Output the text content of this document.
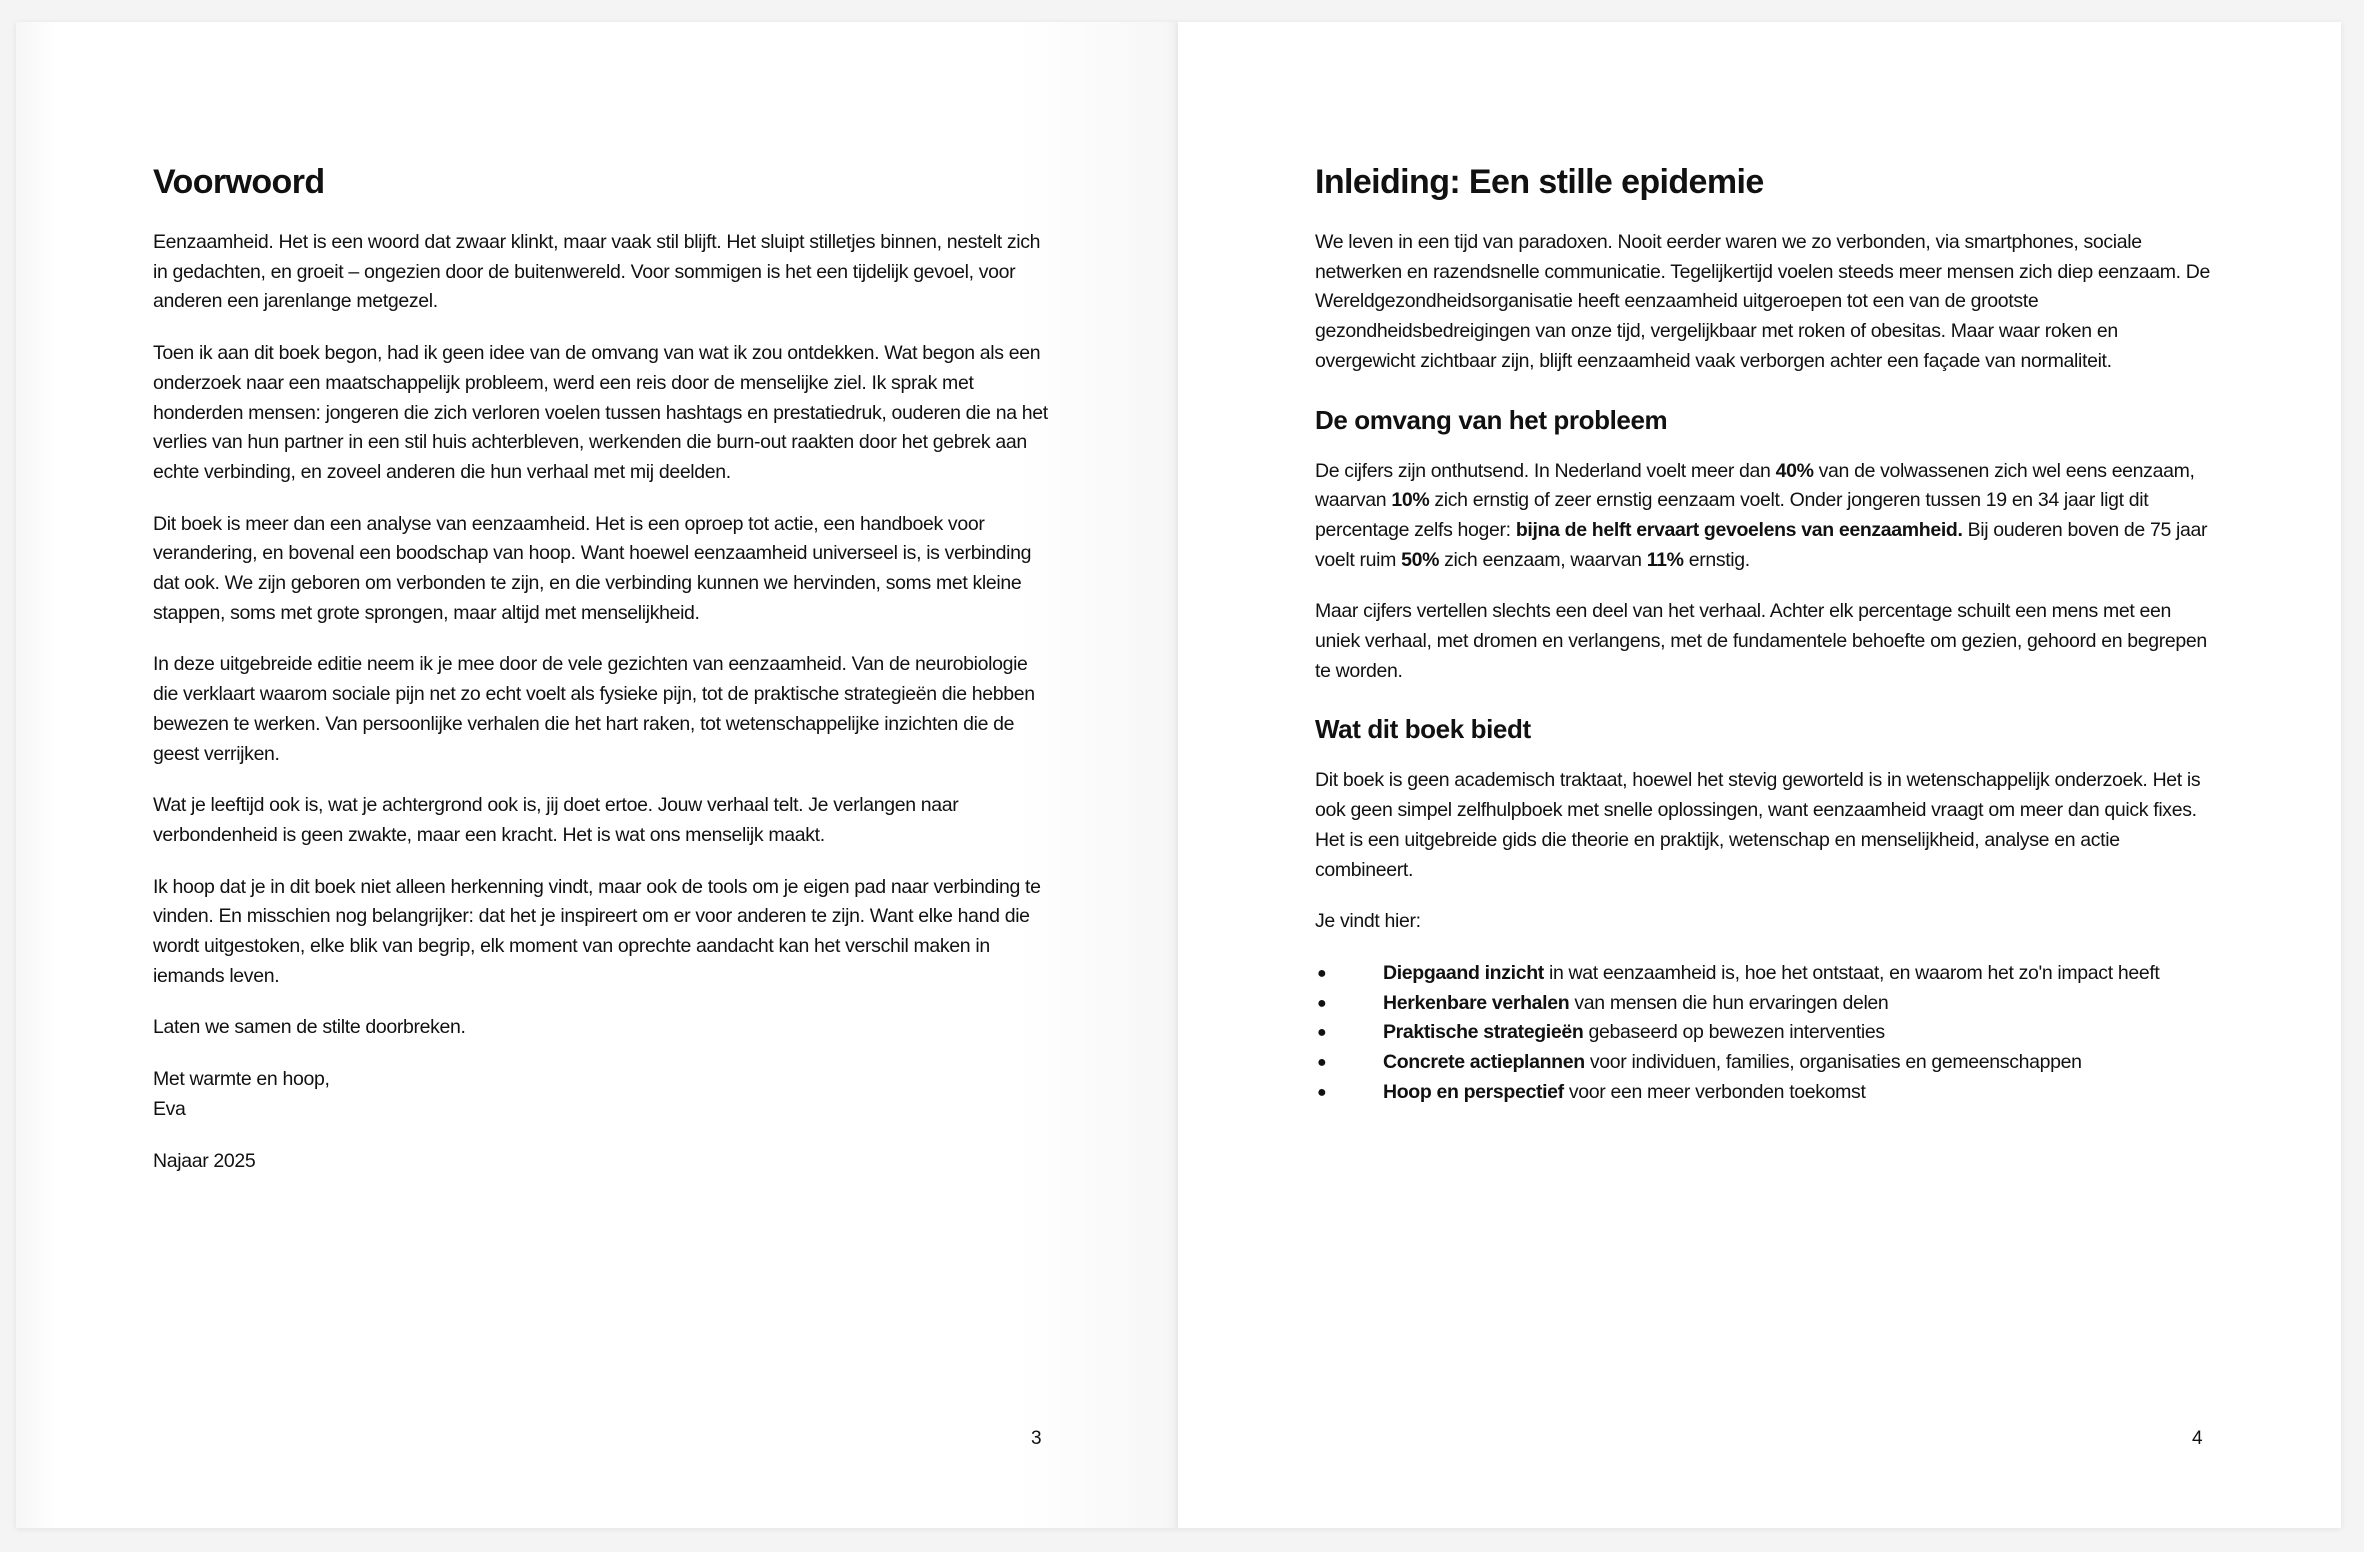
Voorwoord

Eenzaamheid. Het is een woord dat zwaar klinkt, maar vaak stil blijft. Het sluipt stilletjes binnen, nestelt zich in gedachten, en groeit – ongezien door de buitenwereld. Voor sommigen is het een tijdelijk gevoel, voor anderen een jarenlange metgezel.

Toen ik aan dit boek begon, had ik geen idee van de omvang van wat ik zou ontdekken. Wat begon als een onderzoek naar een maatschappelijk probleem, werd een reis door de menselijke ziel. Ik sprak met honderden mensen: jongeren die zich verloren voelen tussen hashtags en prestatiedruk, ouderen die na het verlies van hun partner in een stil huis achterbleven, werkenden die burn-out raakten door het gebrek aan echte verbinding, en zoveel anderen die hun verhaal met mij deelden.

Dit boek is meer dan een analyse van eenzaamheid. Het is een oproep tot actie, een handboek voor verandering, en bovenal een boodschap van hoop. Want hoewel eenzaamheid universeel is, is verbinding dat ook. We zijn geboren om verbonden te zijn, en die verbinding kunnen we hervinden, soms met kleine stappen, soms met grote sprongen, maar altijd met menselijkheid.

In deze uitgebreide editie neem ik je mee door de vele gezichten van eenzaamheid. Van de neurobiologie die verklaart waarom sociale pijn net zo echt voelt als fysieke pijn, tot de praktische strategieën die hebben bewezen te werken. Van persoonlijke verhalen die het hart raken, tot wetenschappelijke inzichten die de geest verrijken.

Wat je leeftijd ook is, wat je achtergrond ook is, jij doet ertoe. Jouw verhaal telt. Je verlangen naar verbondenheid is geen zwakte, maar een kracht. Het is wat ons menselijk maakt.

Ik hoop dat je in dit boek niet alleen herkenning vindt, maar ook de tools om je eigen pad naar verbinding te vinden. En misschien nog belangrijker: dat het je inspireert om er voor anderen te zijn. Want elke hand die wordt uitgestoken, elke blik van begrip, elk moment van oprechte aandacht kan het verschil maken in iemands leven.

Laten we samen de stilte doorbreken.

Met warmte en hoop,

Eva

Najaar 2025

3
Inleiding: Een stille epidemie

We leven in een tijd van paradoxen. Nooit eerder waren we zo verbonden, via smartphones, sociale netwerken en razendsnelle communicatie. Tegelijkertijd voelen steeds meer mensen zich diep eenzaam. De Wereldgezondheidsorganisatie heeft eenzaamheid uitgeroepen tot een van de grootste gezondheidsbedreigingen van onze tijd, vergelijkbaar met roken of obesitas. Maar waar roken en overgewicht zichtbaar zijn, blijft eenzaamheid vaak verborgen achter een façade van normaliteit.

De omvang van het probleem

De cijfers zijn onthutsend. In Nederland voelt meer dan 40% van de volwassenen zich wel eens eenzaam, waarvan 10% zich ernstig of zeer ernstig eenzaam voelt. Onder jongeren tussen 19 en 34 jaar ligt dit percentage zelfs hoger: bijna de helft ervaart gevoelens van eenzaamheid. Bij ouderen boven de 75 jaar voelt ruim 50% zich eenzaam, waarvan 11% ernstig.

Maar cijfers vertellen slechts een deel van het verhaal. Achter elk percentage schuilt een mens met een uniek verhaal, met dromen en verlangens, met de fundamentele behoefte om gezien, gehoord en begrepen te worden.

Wat dit boek biedt

Dit boek is geen academisch traktaat, hoewel het stevig geworteld is in wetenschappelijk onderzoek. Het is ook geen simpel zelfhulpboek met snelle oplossingen, want eenzaamheid vraagt om meer dan quick fixes. Het is een uitgebreide gids die theorie en praktijk, wetenschap en menselijkheid, analyse en actie combineert.

Je vindt hier:

●	Diepgaand inzicht in wat eenzaamheid is, hoe het ontstaat, en waarom het zo'n impact heeft
●	Herkenbare verhalen van mensen die hun ervaringen delen
●	Praktische strategieën gebaseerd op bewezen interventies
●	Concrete actieplannen voor individuen, families, organisaties en gemeenschappen
●	Hoop en perspectief voor een meer verbonden toekomst
4
